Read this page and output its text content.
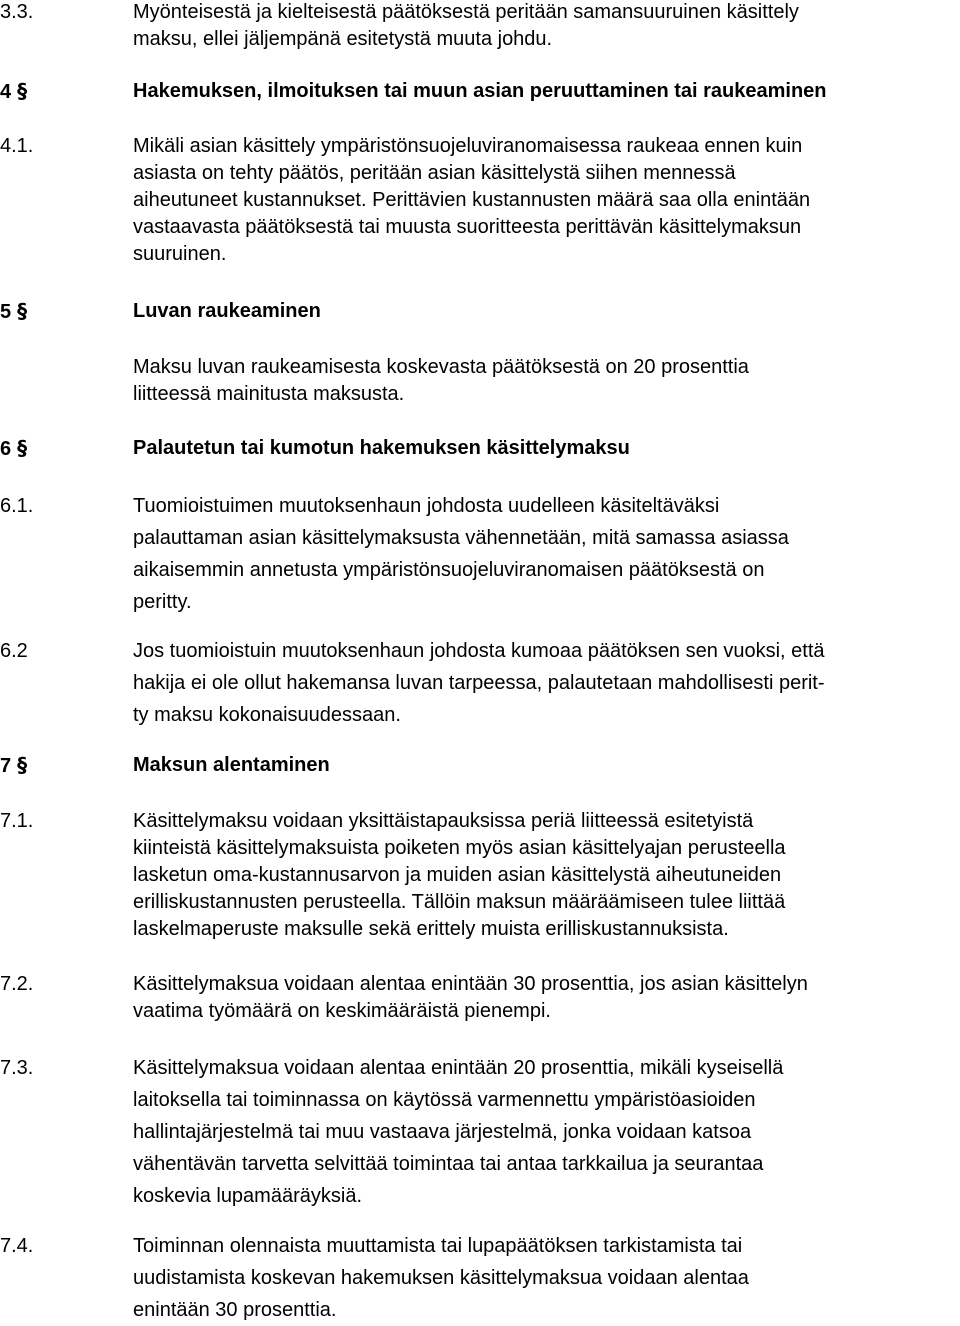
3.3.	Myönteisestä ja kielteisestä päätöksestä peritään samansuuruinen käsittely
maksu, ellei jäljempänä esitetystä muuta johdu.
4 §	Hakemuksen, ilmoituksen tai muun asian peruuttaminen tai raukeaminen
4.1.	Mikäli asian käsittely ympäristönsuojeluviranomaisessa raukeaa ennen kuin
asiasta on tehty päätös, peritään asian käsittelystä siihen mennessä
aiheutuneet kustannukset. Perittävien kustannusten määrä saa olla enintään
vastaavasta päätöksestä tai muusta suoritteesta perittävän käsittelymaksun
suuruinen.
5 §	Luvan raukeaminen
Maksu luvan raukeamisesta koskevasta päätöksestä on 20 prosenttia
liitteessä mainitusta maksusta.
6 §	Palautetun tai kumotun hakemuksen käsittelymaksu
6.1.	Tuomioistuimen muutoksenhaun johdosta uudelleen käsiteltäväksi
palauttaman asian käsittelymaksusta vähennetään, mitä samassa asiassa
aikaisemmin annetusta ympäristönsuojeluviranomaisen päätöksestä on
peritty.
6.2	Jos tuomioistuin muutoksenhaun johdosta kumoaa päätöksen sen vuoksi, että
hakija ei ole ollut hakemansa luvan tarpeessa, palautetaan mahdollisesti perit-
ty maksu kokonaisuudessaan.
7 §	Maksun alentaminen
7.1.	Käsittelymaksu voidaan yksittäistapauksissa periä liitteessä esitetyistä
kiinteistä käsittelymaksuista poiketen myös asian käsittelyajan perusteella
lasketun oma-kustannusarvon ja muiden asian käsittelystä aiheutuneiden
erilliskustannusten perusteella. Tällöin maksun määräämiseen tulee liittää
laskelmaperuste maksulle sekä erittely muista erilliskustannuksista.
7.2.	Käsittelymaksua voidaan alentaa enintään 30 prosenttia, jos asian käsittelyn
vaatima työmäärä on keskimääräistä pienempi.
7.3.	Käsittelymaksua voidaan alentaa enintään 20 prosenttia, mikäli kyseisellä
laitoksella tai toiminnassa on käytössä varmennettu ympäristöasioiden
hallintajärjestelmä tai muu vastaava järjestelmä, jonka voidaan katsoa
vähentävän tarvetta selvittää toimintaa tai antaa tarkkailua ja seurantaa
koskevia lupamääräyksiä.
7.4.	Toiminnan olennaista muuttamista tai lupapäätöksen tarkistamista tai
uudistamista koskevan hakemuksen käsittelymaksua voidaan alentaa
enintään 30 prosenttia.
